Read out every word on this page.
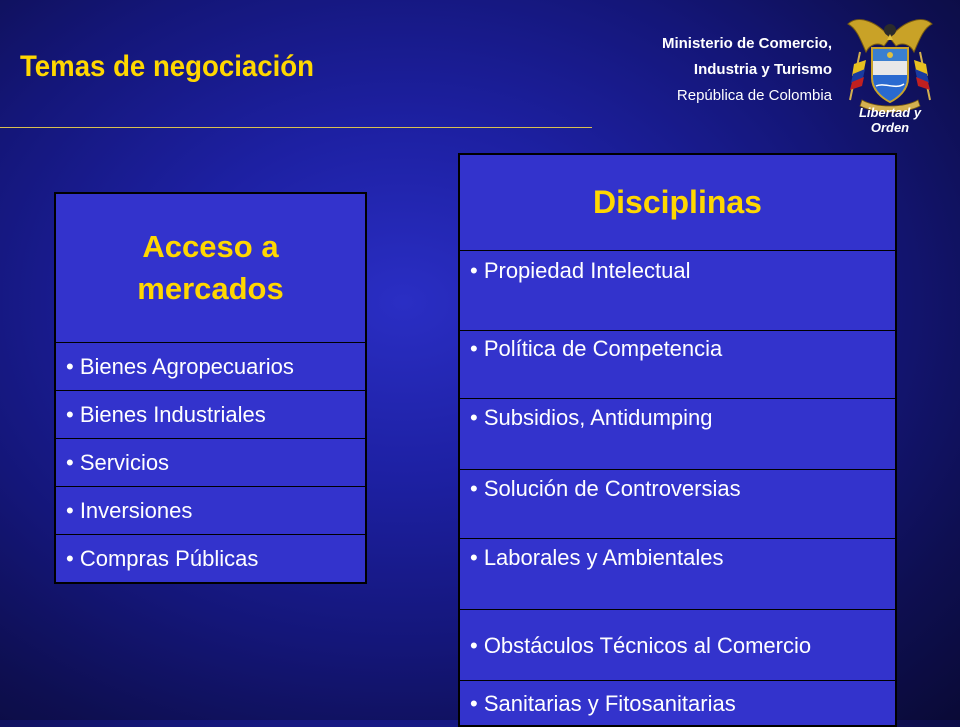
Temas de negociación
Ministerio de Comercio,
Industria y Turismo
República de Colombia
Libertad y Orden
Acceso a
mercados

• Bienes Agropecuarios
• Bienes Industriales
• Servicios
• Inversiones
• Compras Públicas
Disciplinas
• Propiedad Intelectual
• Política de Competencia
• Subsidios, Antidumping
• Solución de Controversias
• Laborales y Ambientales
• Obstáculos Técnicos al Comercio
• Sanitarias y Fitosanitarias
